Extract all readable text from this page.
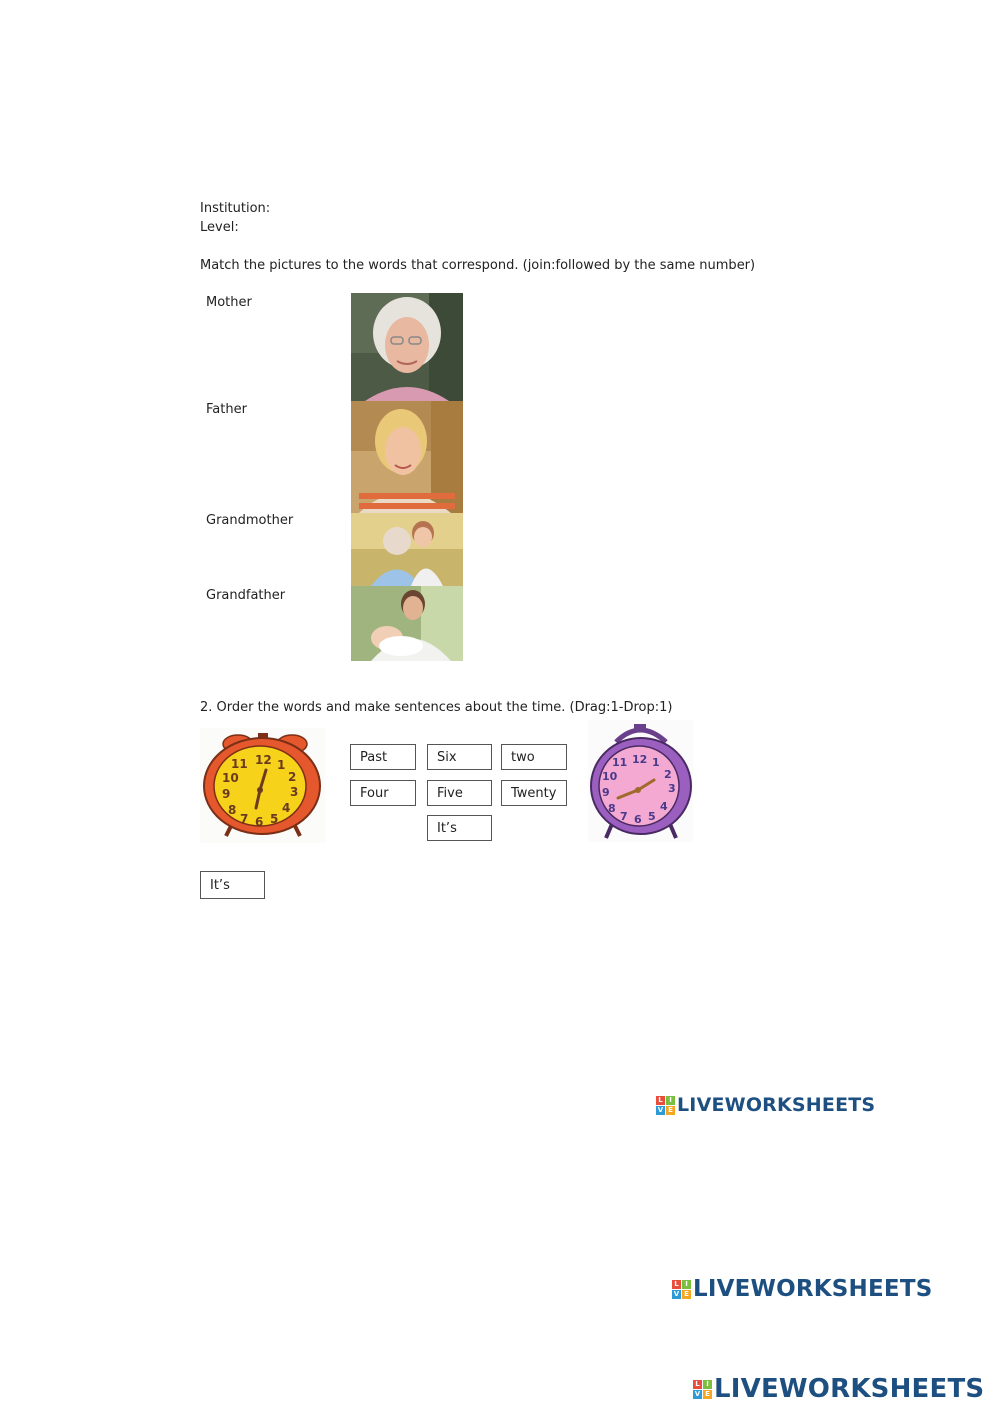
Institution:
Level:
Match the pictures to the words that correspond. (join:followed by the same number)
Mother
Father
Grandmother
Grandfather
2. Order the words and make sentences about the time. (Drag:1-Drop:1)
11 12 1
2
10
3
9
8
7 6 5
4
Past	Six	two
Four	Five	Twenty
It’s
11 12 1
2
10
3
9
8
7 6 5
4
It’s
L I
V E LIVEWORKSHEETS
L I
V E LIVEWORKSHEETS
L I
V E LIVEWORKSHEETS
